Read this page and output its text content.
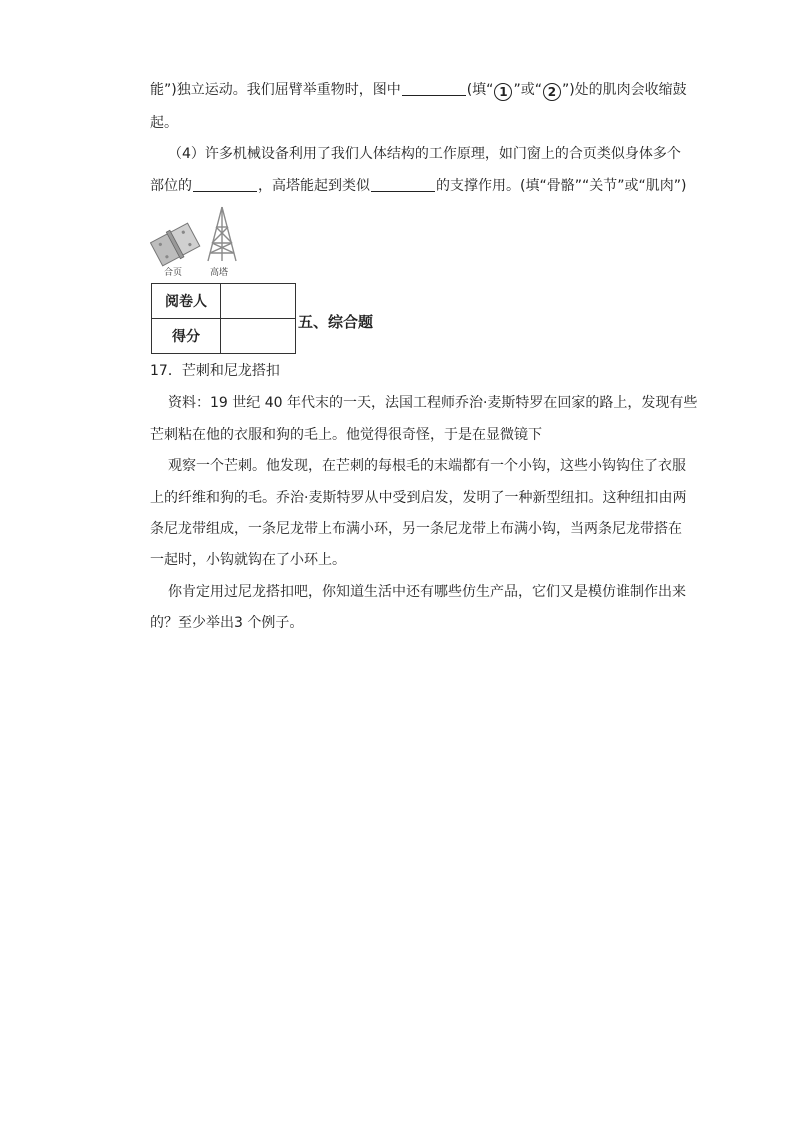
能”)独立运动。我们屈臂举重物时，图中	(填“ 1 ”或“ 2 ”)处的肌肉会收缩鼓
起。
（4）许多机械设备利用了我们人体结构的工作原理，如门窗上的合页类似身体多个
部位的	，高塔能起到类似	的支撑作用。(填“骨骼”“关节”或“肌肉”)
合页	高塔
阅卷人	
得分	
五、综合题
17．芒刺和尼龙搭扣
资料：19 世纪 40 年代末的一天，法国工程师乔治·麦斯特罗在回家的路上，发现有些
芒刺粘在他的衣服和狗的毛上。他觉得很奇怪，于是在显微镜下
观察一个芒刺。他发现，在芒刺的每根毛的末端都有一个小钩，这些小钩钩住了衣服
上的纤维和狗的毛。乔治·麦斯特罗从中受到启发，发明了一种新型纽扣。这种纽扣由两
条尼龙带组成，一条尼龙带上布满小环，另一条尼龙带上布满小钩，当两条尼龙带搭在
一起时，小钩就钩在了小环上。
你肯定用过尼龙搭扣吧，你知道生活中还有哪些仿生产品，它们又是模仿谁制作出来
的？至少举出3 个例子。
